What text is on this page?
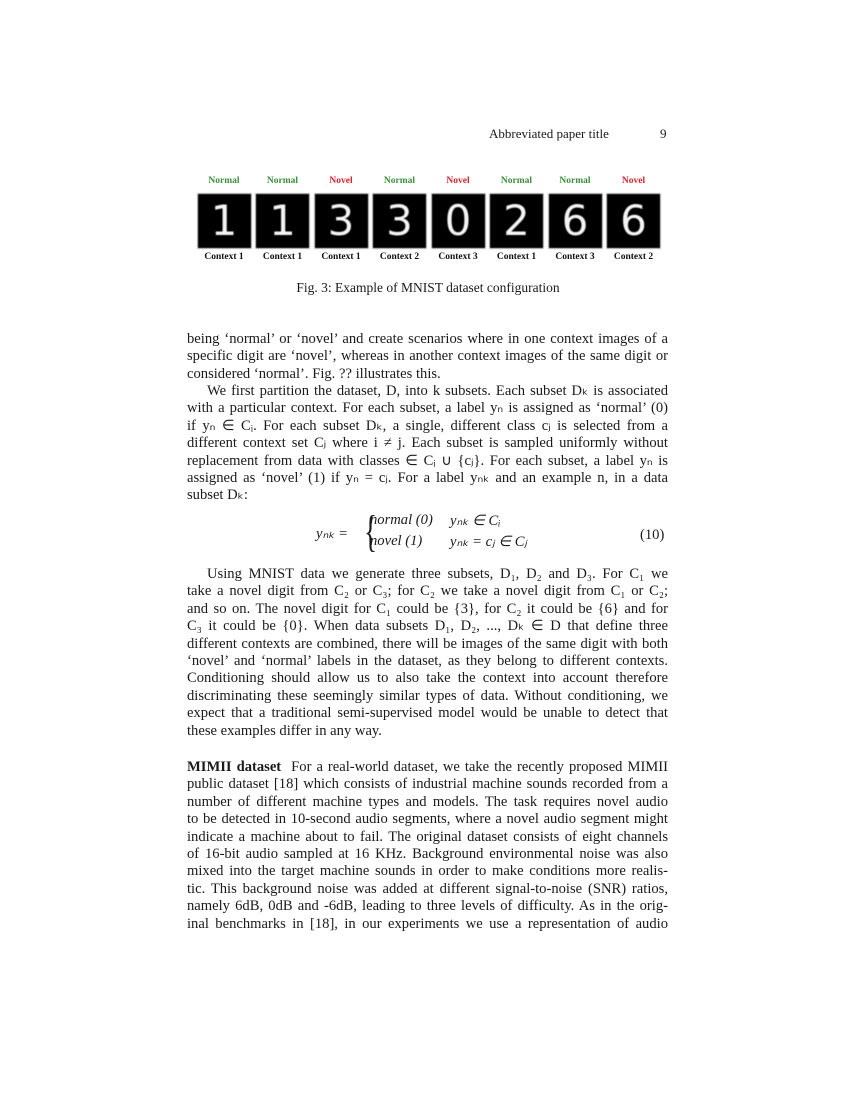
Abbreviated paper title	9
Normal
1
Context 1
Normal
1
Context 1
Novel
3
Context 1
Normal
3
Context 2
Novel
0
Context 3
Normal
2
Context 1
Normal
6
Context 3
Novel
6
Context 2
Fig. 3: Example of MNIST dataset configuration
being ‘normal’ or ‘novel’ and create scenarios where in one context images of a
specific digit are ‘novel’, whereas in another context images of the same digit or
considered ‘normal’. Fig. ?? illustrates this.
We first partition the dataset, D, into k subsets. Each subset Dₖ is associated
with a particular context. For each subset, a label yₙ is assigned as ‘normal’ (0)
if yₙ ∈ Cᵢ. For each subset Dₖ, a single, different class cⱼ is selected from a
different context set Cⱼ where i ≠ j. Each subset is sampled uniformly without
replacement from data with classes ∈ Cᵢ ∪ {cⱼ}. For each subset, a label yₙ is
assigned as ‘novel’ (1) if yₙ = cⱼ. For a label yₙₖ and an example n, in a data
subset Dₖ:
Using MNIST data we generate three subsets, D₁, D₂ and D₃. For C₁ we
take a novel digit from C₂ or C₃; for C₂ we take a novel digit from C₁ or C₂;
and so on. The novel digit for C₁ could be {3}, for C₂ it could be {6} and for
C₃ it could be {0}. When data subsets D₁, D₂, ..., Dₖ ∈ D that define three
different contexts are combined, there will be images of the same digit with both
‘novel’ and ‘normal’ labels in the dataset, as they belong to different contexts.
Conditioning should allow us to also take the context into account therefore
discriminating these seemingly similar types of data. Without conditioning, we
expect that a traditional semi-supervised model would be unable to detect that
these examples differ in any way.
MIMII dataset For a real-world dataset, we take the recently proposed MIMII
public dataset [18] which consists of industrial machine sounds recorded from a
number of different machine types and models. The task requires novel audio
to be detected in 10-second audio segments, where a novel audio segment might
indicate a machine about to fail. The original dataset consists of eight channels
of 16-bit audio sampled at 16 KHz. Background environmental noise was also
mixed into the target machine sounds in order to make conditions more realis-
tic. This background noise was added at different signal-to-noise (SNR) ratios,
namely 6dB, 0dB and -6dB, leading to three levels of difficulty. As in the orig-
inal benchmarks in [18], in our experiments we use a representation of audio
yₙₖ = {
normal (0) yₙₖ ∈ Cᵢ
novel (1) yₙₖ = cⱼ ∈ Cⱼ	(10)
